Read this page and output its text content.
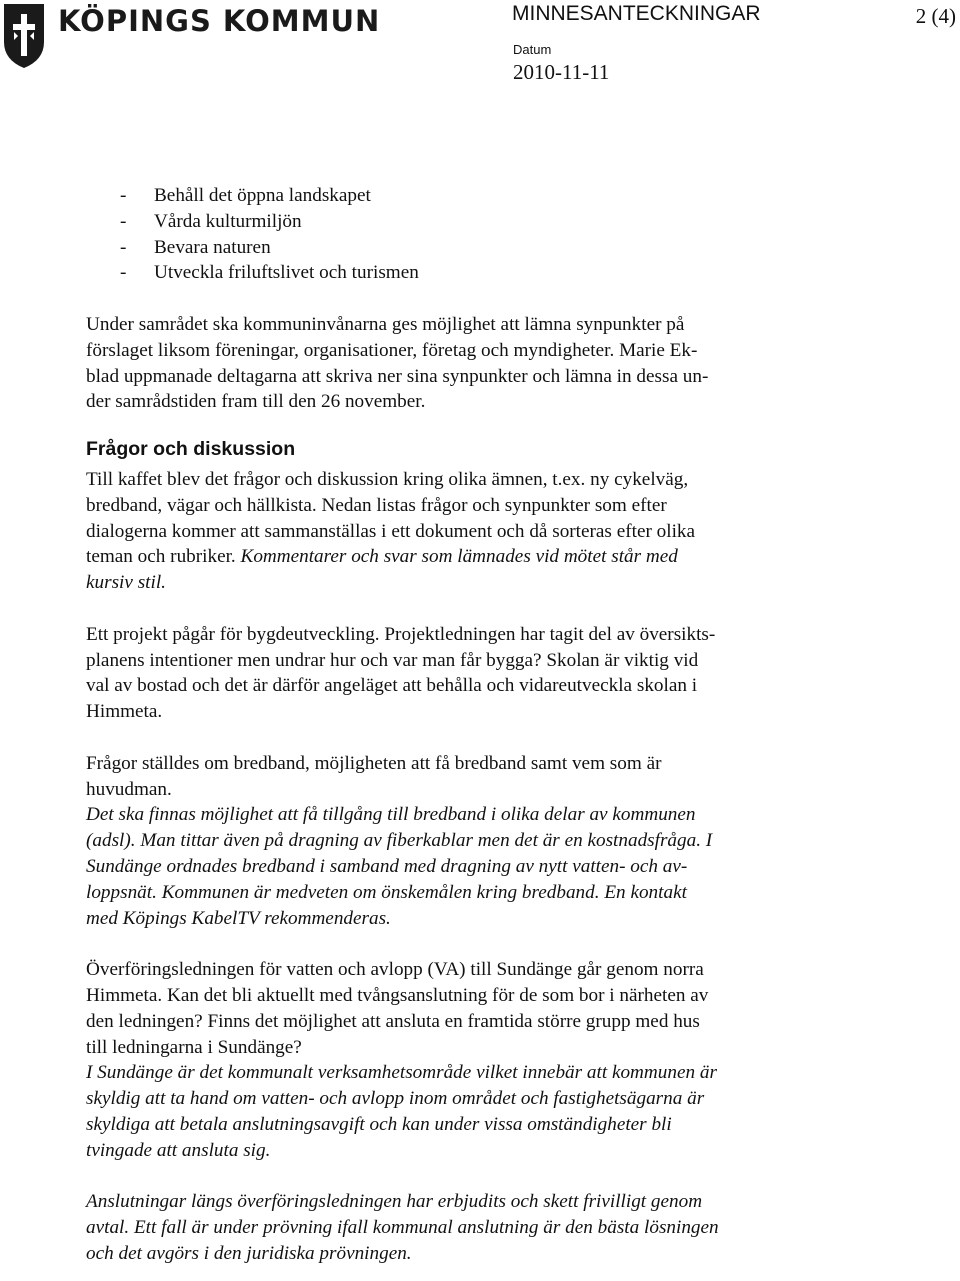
KÖPINGS KOMMUN	MINNESANTECKNINGAR	2 (4)
Datum
2010-11-11
- Behåll det öppna landskapet
- Vårda kulturmiljön
- Bevara naturen
- Utveckla friluftslivet och turismen

Under samrådet ska kommuninvånarna ges möjlighet att lämna synpunkter på
förslaget liksom föreningar, organisationer, företag och myndigheter. Marie Ek-
blad uppmanade deltagarna att skriva ner sina synpunkter och lämna in dessa un-
der samrådstiden fram till den 26 november.

Frågor och diskussion

Till kaffet blev det frågor och diskussion kring olika ämnen, t.ex. ny cykelväg,
bredband, vägar och hällkista. Nedan listas frågor och synpunkter som efter
dialogerna kommer att sammanställas i ett dokument och då sorteras efter olika
teman och rubriker. Kommentarer och svar som lämnades vid mötet står med
kursiv stil.

Ett projekt pågår för bygdeutveckling. Projektledningen har tagit del av översikts-
planens intentioner men undrar hur och var man får bygga? Skolan är viktig vid
val av bostad och det är därför angeläget att behålla och vidareutveckla skolan i
Himmeta.

Frågor ställdes om bredband, möjligheten att få bredband samt vem som är
huvudman.
Det ska finnas möjlighet att få tillgång till bredband i olika delar av kommunen
(adsl). Man tittar även på dragning av fiberkablar men det är en kostnadsfråga. I
Sundänge ordnades bredband i samband med dragning av nytt vatten- och av-
loppsnät. Kommunen är medveten om önskemålen kring bredband. En kontakt
med Köpings KabelTV rekommenderas.

Överföringsledningen för vatten och avlopp (VA) till Sundänge går genom norra
Himmeta. Kan det bli aktuellt med tvångsanslutning för de som bor i närheten av
den ledningen? Finns det möjlighet att ansluta en framtida större grupp med hus
till ledningarna i Sundänge?
I Sundänge är det kommunalt verksamhetsområde vilket innebär att kommunen är
skyldig att ta hand om vatten- och avlopp inom området och fastighetsägarna är
skyldiga att betala anslutningsavgift och kan under vissa omständigheter bli
tvingade att ansluta sig.

Anslutningar längs överföringsledningen har erbjudits och skett frivilligt genom
avtal. Ett fall är under prövning ifall kommunal anslutning är den bästa lösningen
och det avgörs i den juridiska prövningen.
